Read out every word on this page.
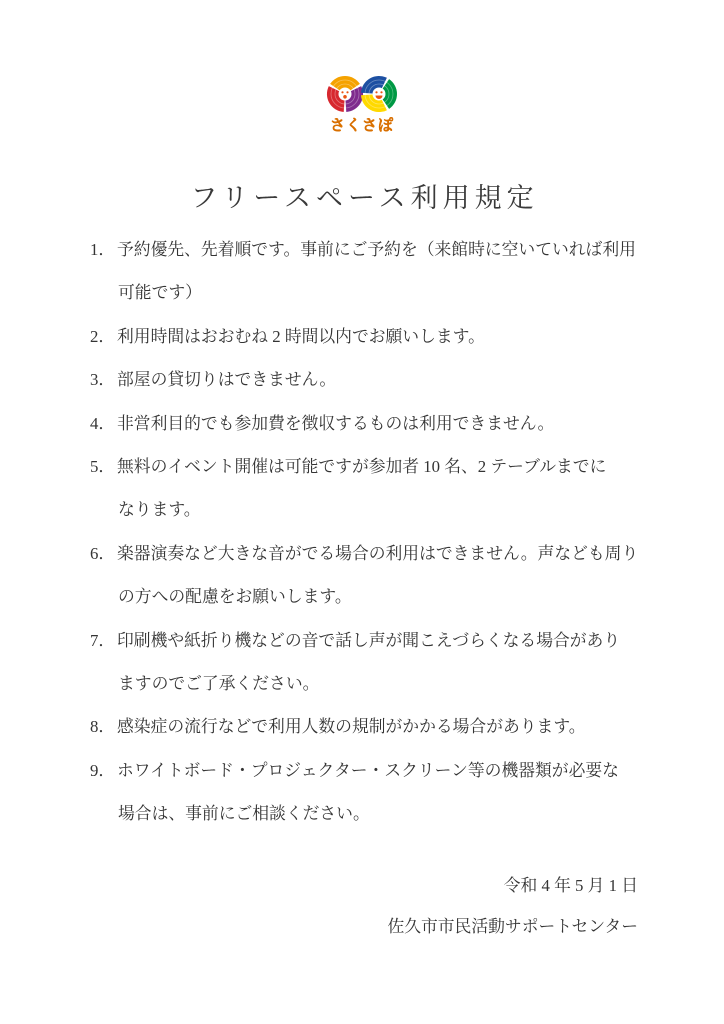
さくさぽ
フリースペース利用規定
1． 予約優先、先着順です。事前にご予約を（来館時に空いていれば利用
可能です）
2． 利用時間はおおむね 2 時間以内でお願いします。
3． 部屋の貸切りはできません。
4． 非営利目的でも参加費を徴収するものは利用できません。
5． 無料のイベント開催は可能ですが参加者 10 名、2 テーブルまでに
なります。
6． 楽器演奏など大きな音がでる場合の利用はできません。声なども周り
の方への配慮をお願いします。
7． 印刷機や紙折り機などの音で話し声が聞こえづらくなる場合があり
ますのでご了承ください。
8． 感染症の流行などで利用人数の規制がかかる場合があります。
9． ホワイトボード・プロジェクター・スクリーン等の機器類が必要な
場合は、事前にご相談ください。
令和 4 年 5 月 1 日
佐久市市民活動サポートセンター
